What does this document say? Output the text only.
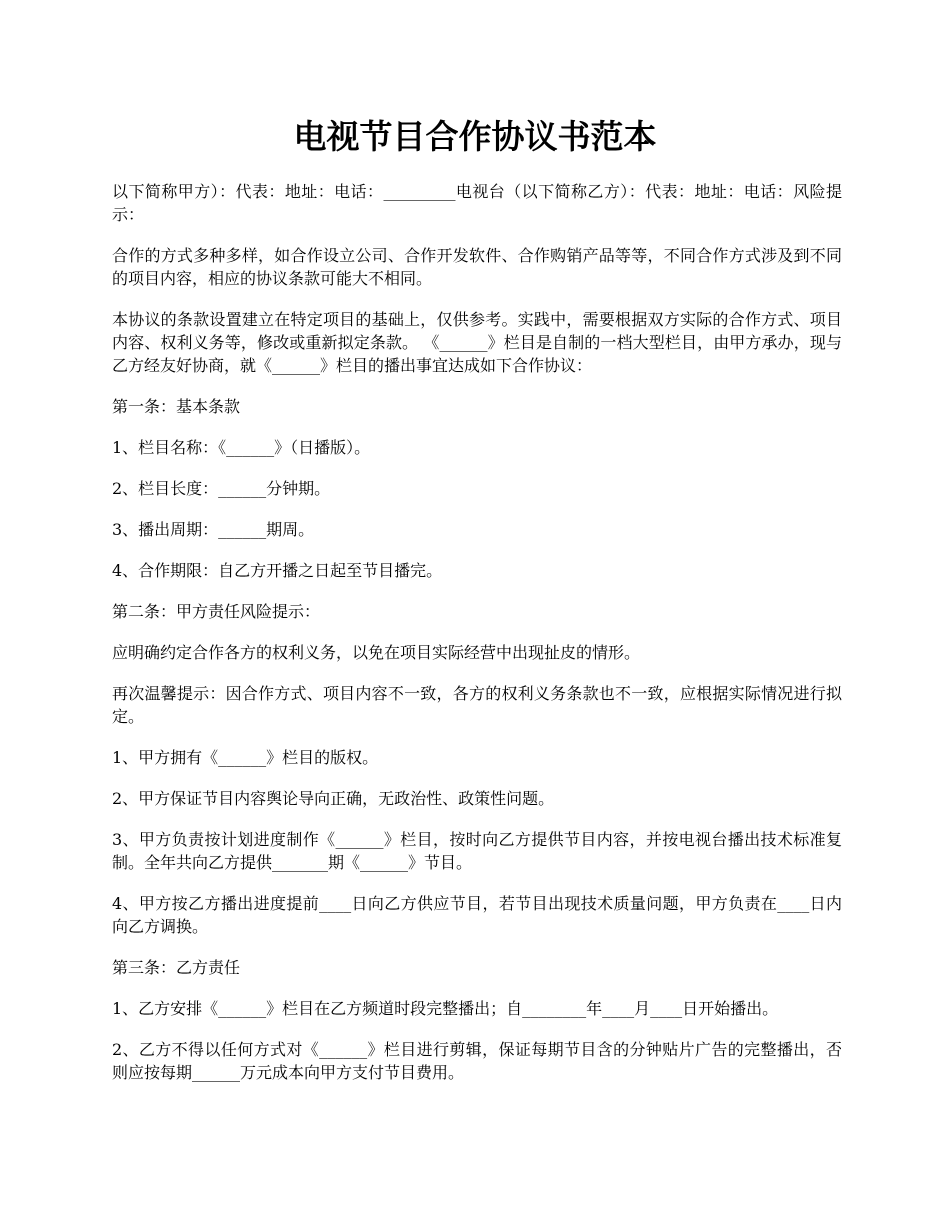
电视节目合作协议书范本

以下简称甲方）：代表：地址：电话：_________电视台（以下简称乙方）：代表：地址：电话：风险提示：

合作的方式多种多样，如合作设立公司、合作开发软件、合作购销产品等等，不同合作方式涉及到不同的项目内容，相应的协议条款可能大不相同。

本协议的条款设置建立在特定项目的基础上，仅供参考。实践中，需要根据双方实际的合作方式、项目内容、权利义务等，修改或重新拟定条款。 《______》栏目是自制的一档大型栏目，由甲方承办，现与乙方经友好协商，就《______》栏目的播出事宜达成如下合作协议：

第一条：基本条款

1、栏目名称：《______》（日播版）。

2、栏目长度：______分钟期。

3、播出周期：______期周。

4、合作期限：自乙方开播之日起至节目播完。

第二条：甲方责任风险提示：

应明确约定合作各方的权利义务，以免在项目实际经营中出现扯皮的情形。

再次温馨提示：因合作方式、项目内容不一致，各方的权利义务条款也不一致，应根据实际情况进行拟定。

1、甲方拥有《______》栏目的版权。

2、甲方保证节目内容舆论导向正确，无政治性、政策性问题。

3、甲方负责按计划进度制作《______》栏目，按时向乙方提供节目内容，并按电视台播出技术标准复制。全年共向乙方提供_______期《______》节目。

4、甲方按乙方播出进度提前____日向乙方供应节目，若节目出现技术质量问题，甲方负责在____日内向乙方调换。

第三条：乙方责任

1、乙方安排《______》栏目在乙方频道时段完整播出；自________年____月____日开始播出。

2、乙方不得以任何方式对《______》栏目进行剪辑，保证每期节目含的分钟贴片广告的完整播出，否则应按每期______万元成本向甲方支付节目费用。
